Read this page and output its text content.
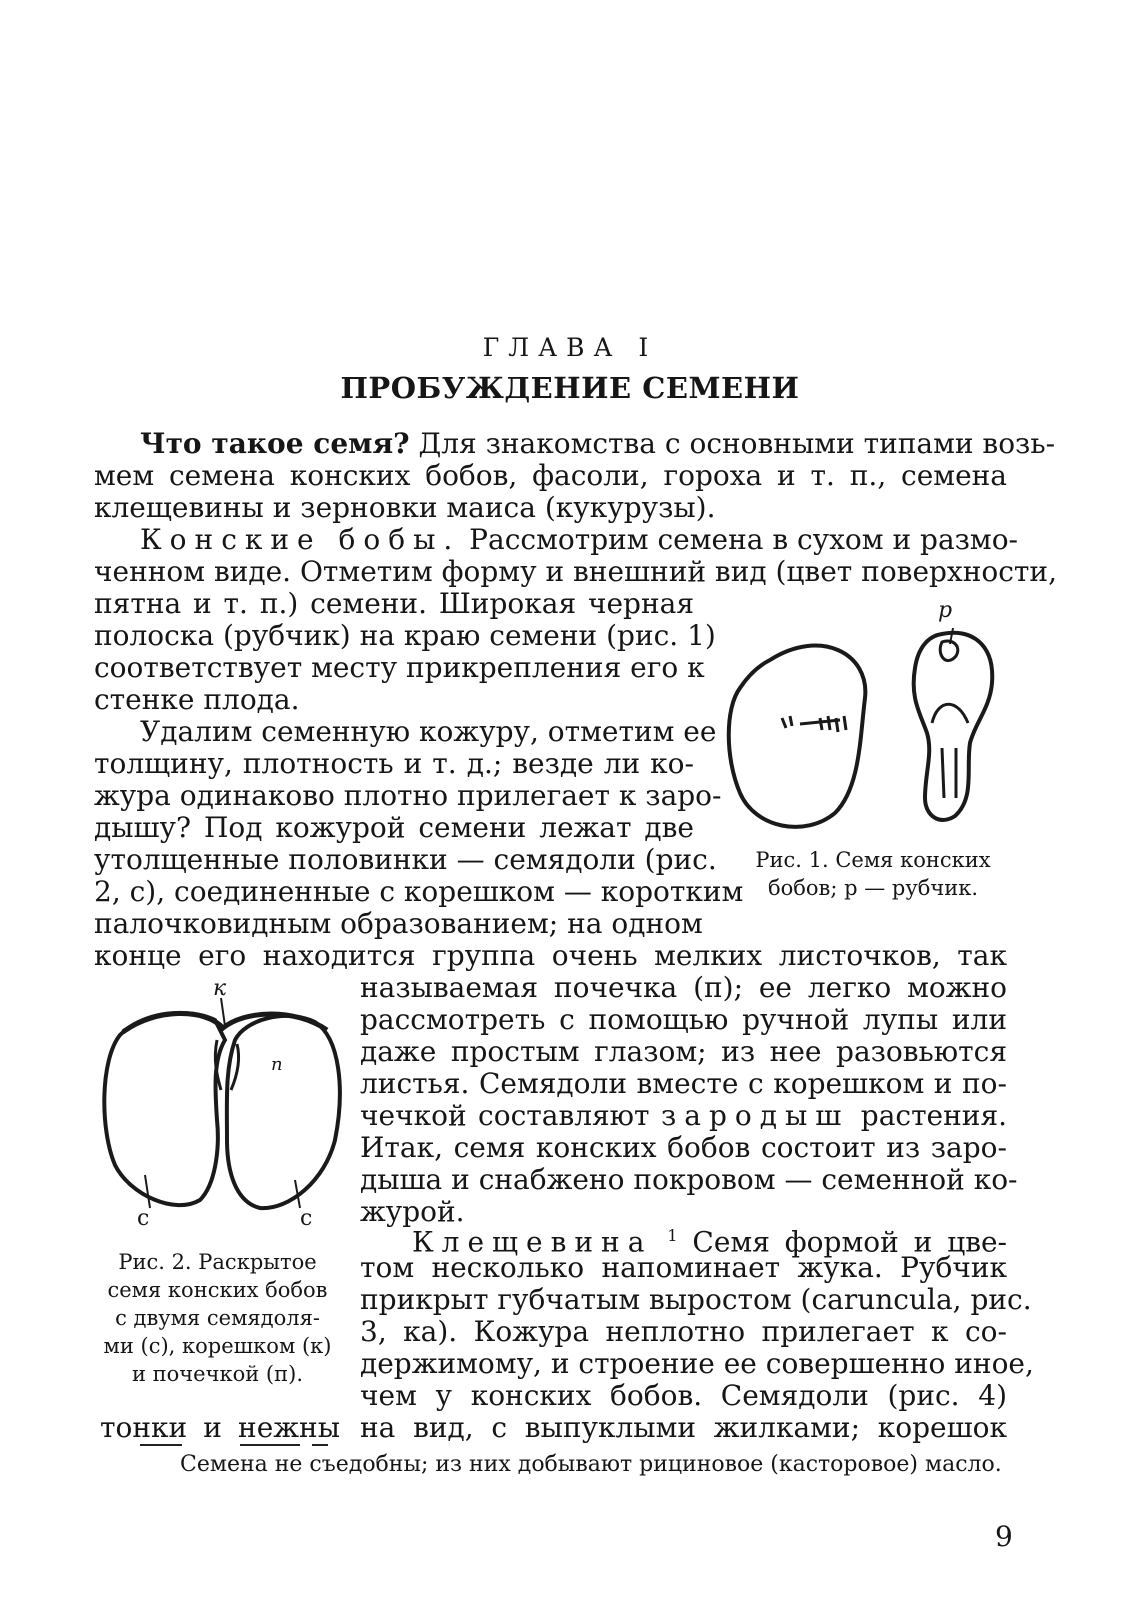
ГЛАВА I
ПРОБУЖДЕНИЕ СЕМЕНИ
Что такое семя? Для знакомства с основными типами возь-
мем семена конских бобов, фасоли, гороха и т. п., семена
клещевины и зерновки маиса (кукурузы).
Конские бобы. Рассмотрим семена в сухом и размо-
ченном виде. Отметим форму и внешний вид (цвет поверхности,
пятна и т. п.) семени. Широкая черная
полоска (рубчик) на краю семени (рис. 1)
соответствует месту прикрепления его к
стенке плода.
Удалим семенную кожуру, отметим ее
толщину, плотность и т. д.; везде ли ко-
жура одинаково плотно прилегает к заро-
дышу? Под кожурой семени лежат две
утолщенные половинки — семядоли (рис.
2, с), соединенные с корешком — коротким
палочковидным образованием; на одном
конце его находится группа очень мелких листочков, так
называемая почечка (п); ее легко можно
рассмотреть с помощью ручной лупы или
даже простым глазом; из нее разовьются
листья. Семядоли вместе с корешком и по-
чечкой составляют зародыш растения.
Итак, семя конских бобов состоит из заро-
дыша и снабжено покровом — семенной ко-
журой.
Клещевина $^1$ Семя формой и цве-
том несколько напоминает жука. Рубчик
прикрыт губчатым выростом (caruncula, рис.
3, ка). Кожура неплотно прилегает к со-
держимому, и строение ее совершенно иное,
чем у конских бобов. Семядоли (рис. 4)
тонки и нежны на вид, с выпуклыми жилками; корешок
Семена не съедобны; из них добывают рициновое (касторовое) масло.
9
р
Рис. 1. Семя конских
бобов; р — рубчик.
к
п
с	с
Рис. 2. Раскрытое
семя конских бобов
с двумя семядоля-
ми (с), корешком (к)
и почечкой (п).
